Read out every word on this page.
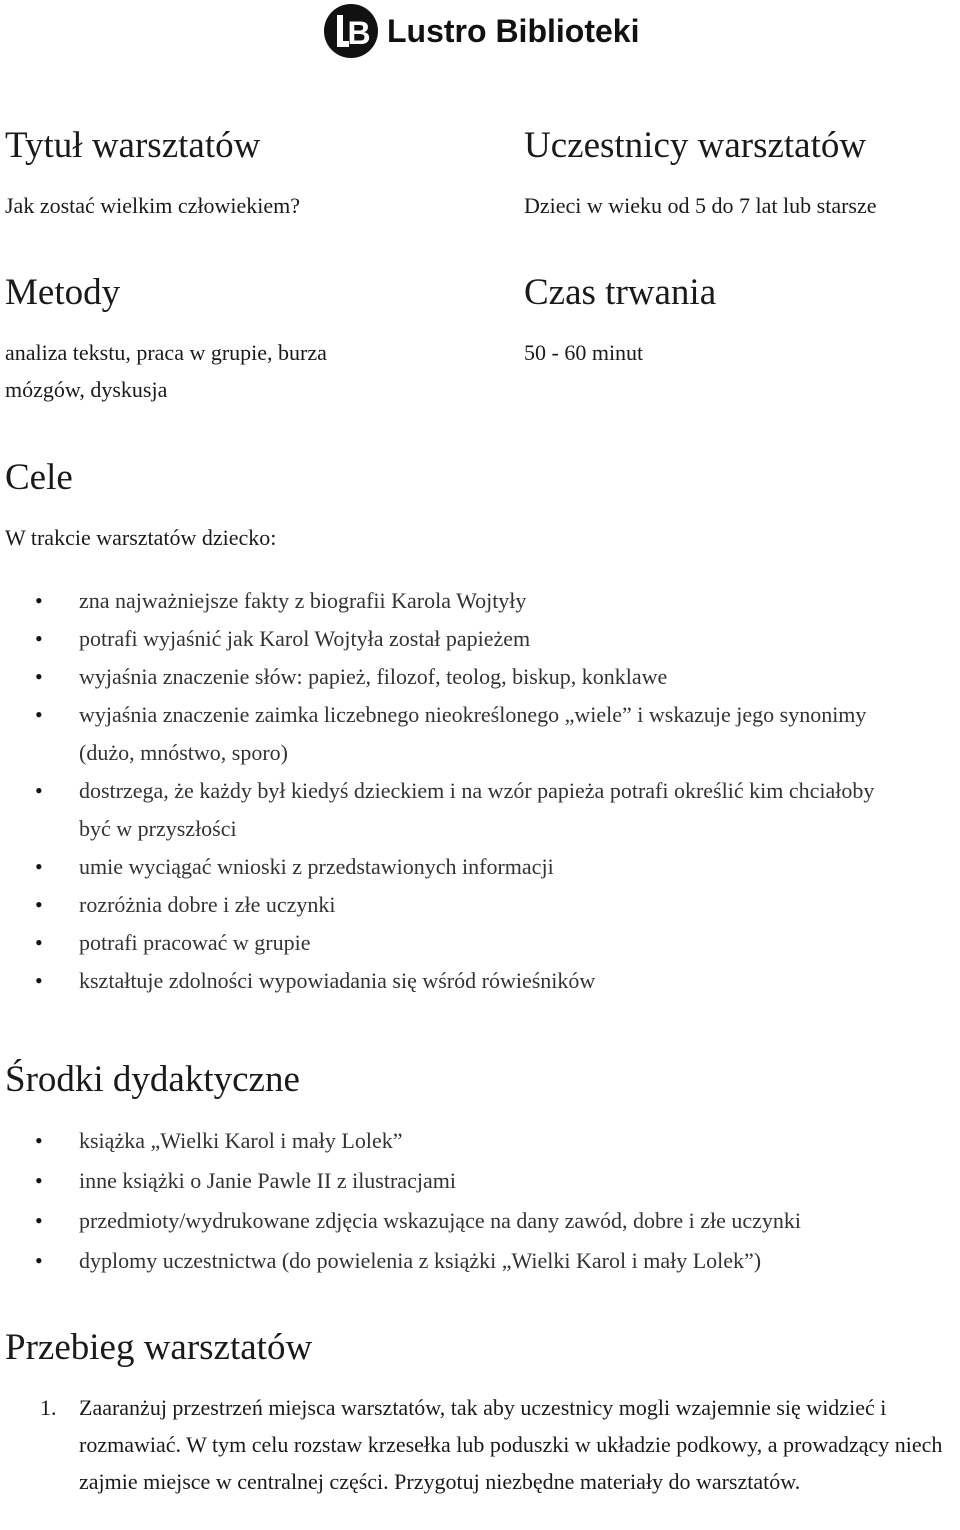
B Lustro Biblioteki
Tytuł warsztatów
Jak zostać wielkim człowiekiem?
Uczestnicy warsztatów
Dzieci w wieku od 5 do 7 lat lub starsze
Metody
analiza tekstu, praca w grupie, burza mózgów, dyskusja
Czas trwania
50 - 60 minut
Cele
W trakcie warsztatów dziecko:
• zna najważniejsze fakty z biografii Karola Wojtyły
• potrafi wyjaśnić jak Karol Wojtyła został papieżem
• wyjaśnia znaczenie słów: papież, filozof, teolog, biskup, konklawe
• wyjaśnia znaczenie zaimka liczebnego nieokreślonego „wiele” i wskazuje jego synonimy (dużo, mnóstwo, sporo)
• dostrzega, że każdy był kiedyś dzieckiem i na wzór papieża potrafi określić kim chciałoby być w przyszłości
• umie wyciągać wnioski z przedstawionych informacji
• rozróżnia dobre i złe uczynki
• potrafi pracować w grupie
• kształtuje zdolności wypowiadania się wśród rówieśników
Środki dydaktyczne
• książka „Wielki Karol i mały Lolek”
• inne książki o Janie Pawle II z ilustracjami
• przedmioty/wydrukowane zdjęcia wskazujące na dany zawód, dobre i złe uczynki
• dyplomy uczestnictwa (do powielenia z książki „Wielki Karol i mały Lolek”)
Przebieg warsztatów
1. Zaaranżuj przestrzeń miejsca warsztatów, tak aby uczestnicy mogli wzajemnie się widzieć i rozmawiać. W tym celu rozstaw krzesełka lub poduszki w układzie podkowy, a prowadzący niech zajmie miejsce w centralnej części. Przygotuj niezbędne materiały do warsztatów.
